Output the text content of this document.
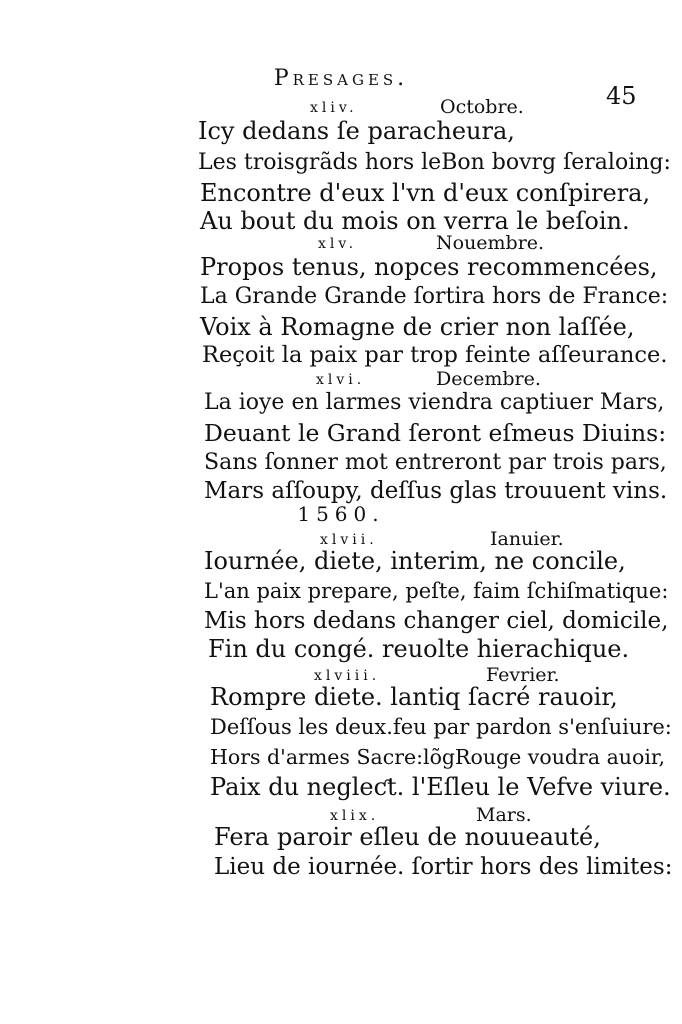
Presages.
45
xliv.	Octobre.
Icy dedans ſe paracheura,
Les troisgrãds hors leBon bovrg ſeraloing:
Encontre d'eux l'vn d'eux conſpirera,
Au bout du mois on verra le beſoin.
xlv.	Nouembre.
Propos tenus, nopces recommencées,
La Grande Grande ſortira hors de France:
Voix à Romagne de crier non laſſée,
Reçoit la paix par trop feinte aſſeurance.
xlvi.	Decembre.
La ioye en larmes viendra captiuer Mars,
Deuant le Grand ſeront eſmeus Diuins:
Sans ſonner mot entreront par trois pars,
Mars aſſoupy, deſſus glas trouuent vins.
1560.
xlvii.	Ianuier.
Iournée, diete, interim, ne concile,
L'an paix prepare, peſte, faim ſchiſmatique:
Mis hors dedans changer ciel, domicile,
Fin du congé. reuolte hierachique.
xlviii.	Fevrier.
Rompre diete. lantiq ſacré rauoir,
Deſſous les deux.feu par pardon s'enſuiure:
Hors d'armes Sacre:lõgRouge voudra auoir,
Paix du negleƈt. l'Eſleu le Vefve viure.
xlix.	Mars.
Fera paroir eſleu de nouueauté,
Lieu de iournée. ſortir hors des limites:
